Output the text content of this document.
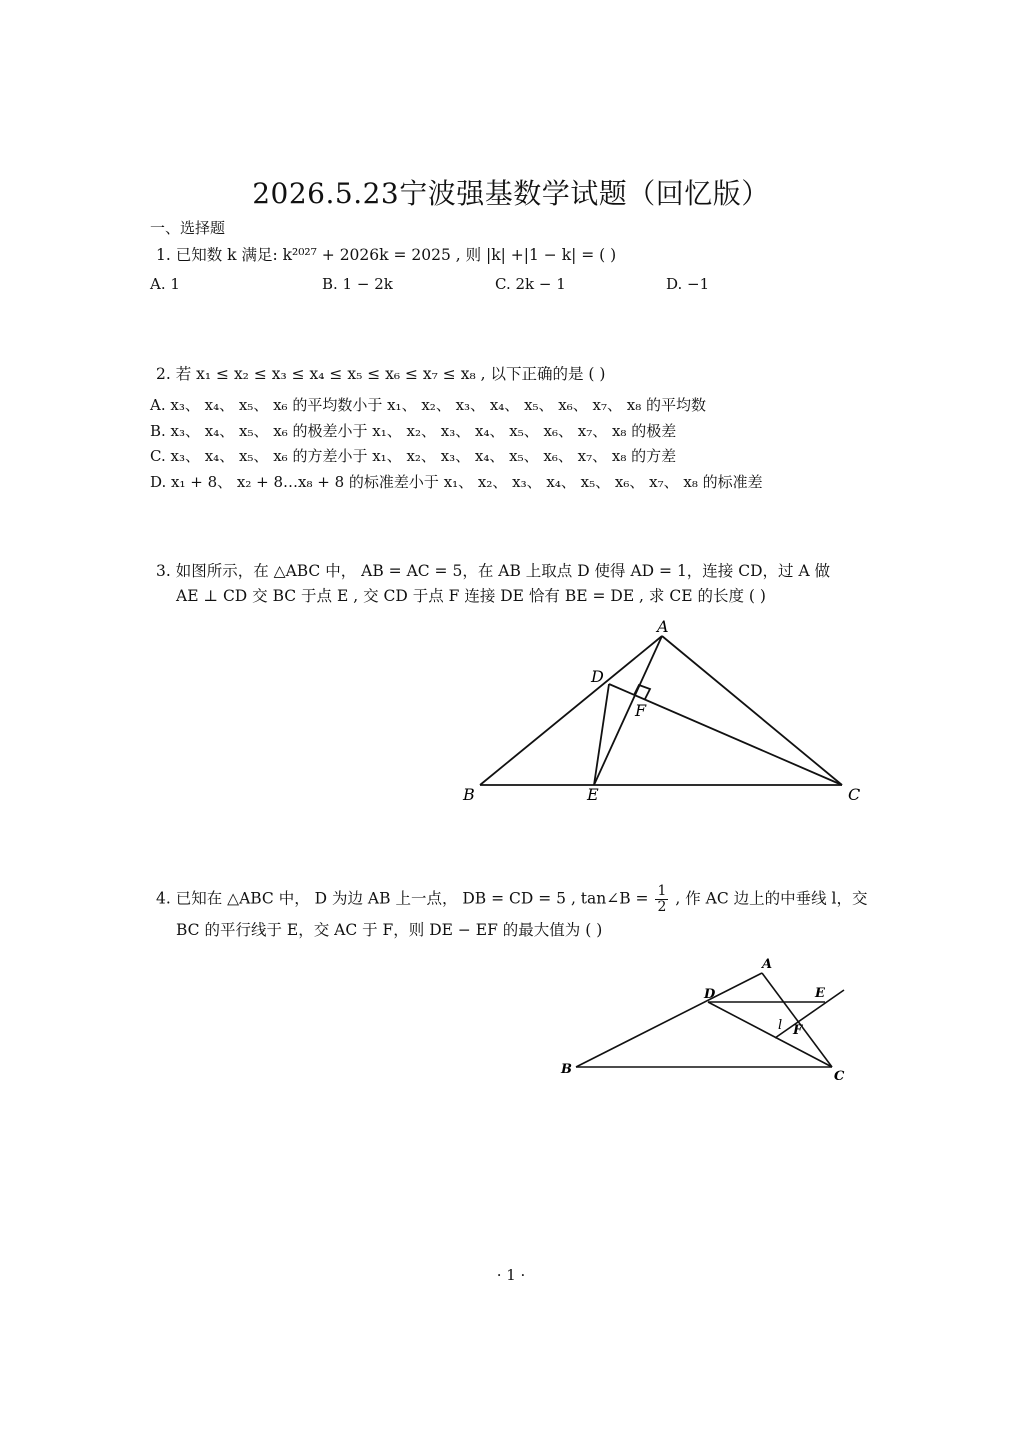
2026.5.23宁波强基数学试题（回忆版）
一、选择题
1. 已知数 k 满足: k²⁰²⁷ + 2026k = 2025 , 则 |k| +|1 − k| = ( )
A. 1	B. 1 − 2k	C. 2k − 1	D. −1
2. 若 x₁ ≤ x₂ ≤ x₃ ≤ x₄ ≤ x₅ ≤ x₆ ≤ x₇ ≤ x₈ , 以下正确的是 ( )
A. x₃、 x₄、 x₅、 x₆ 的平均数小于 x₁、 x₂、 x₃、 x₄、 x₅、 x₆、 x₇、 x₈ 的平均数
B. x₃、 x₄、 x₅、 x₆ 的极差小于 x₁、 x₂、 x₃、 x₄、 x₅、 x₆、 x₇、 x₈ 的极差
C. x₃、 x₄、 x₅、 x₆ 的方差小于 x₁、 x₂、 x₃、 x₄、 x₅、 x₆、 x₇、 x₈ 的方差
D. x₁ + 8、 x₂ + 8…x₈ + 8 的标准差小于 x₁、 x₂、 x₃、 x₄、 x₅、 x₆、 x₇、 x₈ 的标准差
3. 如图所示，在 △ABC 中， AB = AC = 5，在 AB 上取点 D 使得 AD = 1，连接 CD，过 A 做
AE ⊥ CD 交 BC 于点 E , 交 CD 于点 F 连接 DE 恰有 BE = DE , 求 CE 的长度 ( )
A
B	C
D
E
F
A
B	C
D	E
F
l
4. 已知在 △ABC 中， D 为边 AB 上一点， DB = CD = 5 , tan∠B = $\frac{1}{2}$ , 作 AC 边上的中垂线 l，交
BC 的平行线于 E，交 AC 于 F，则 DE − EF 的最大值为 ( )
· 1 ·
